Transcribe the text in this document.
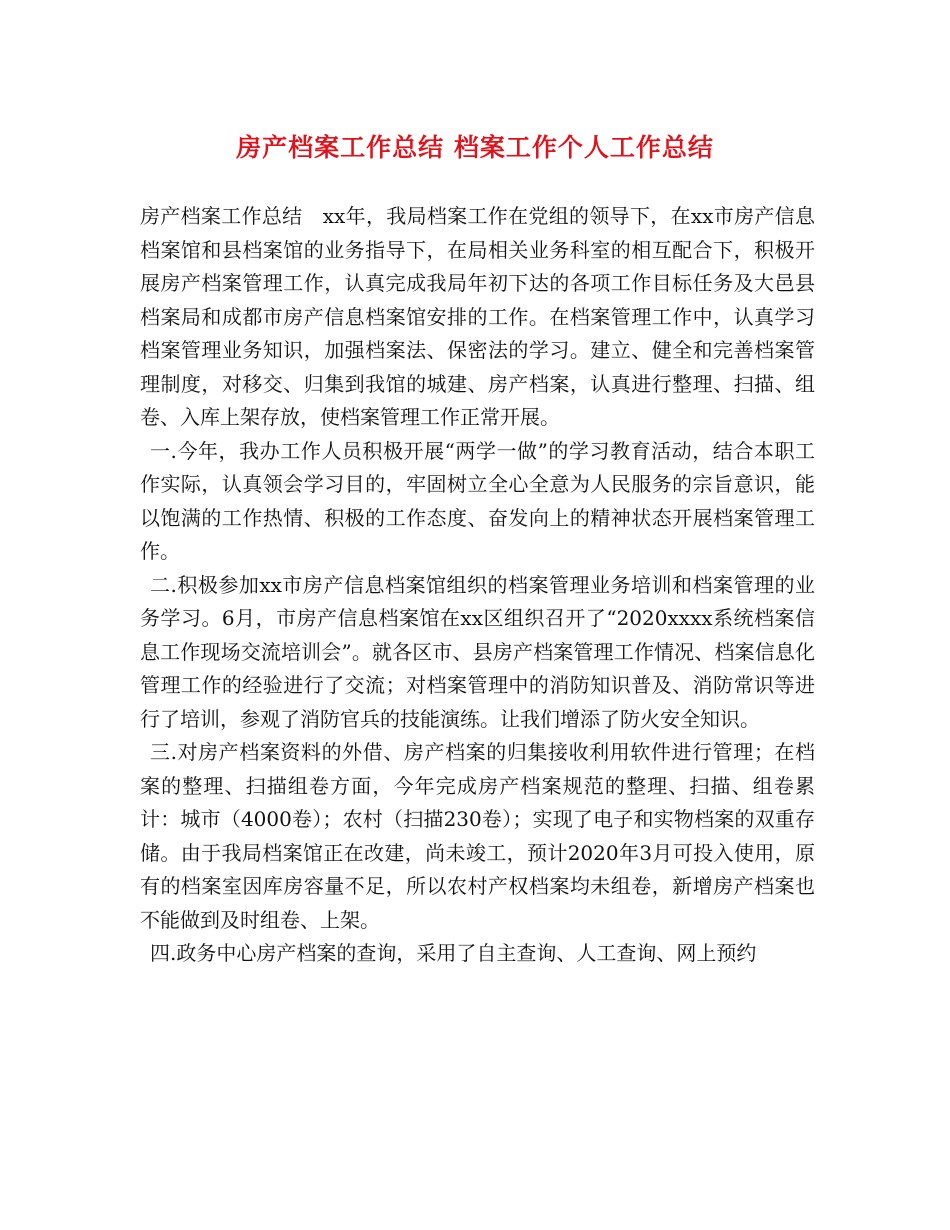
房产档案工作总结 档案工作个人工作总结

房产档案工作总结　xx年，我局档案工作在党组的领导下，在xx市房产信息档案馆和县档案馆的业务指导下，在局相关业务科室的相互配合下，积极开展房产档案管理工作，认真完成我局年初下达的各项工作目标任务及大邑县档案局和成都市房产信息档案馆安排的工作。在档案管理工作中，认真学习档案管理业务知识，加强档案法、保密法的学习。建立、健全和完善档案管理制度，对移交、归集到我馆的城建、房产档案，认真进行整理、扫描、组卷、入库上架存放，使档案管理工作正常开展。

一.今年，我办工作人员积极开展“两学一做”的学习教育活动，结合本职工作实际，认真领会学习目的，牢固树立全心全意为人民服务的宗旨意识，能以饱满的工作热情、积极的工作态度、奋发向上的精神状态开展档案管理工作。

二.积极参加xx市房产信息档案馆组织的档案管理业务培训和档案管理的业务学习。6月，市房产信息档案馆在xx区组织召开了“2020xxxx系统档案信息工作现场交流培训会”。就各区市、县房产档案管理工作情况、档案信息化管理工作的经验进行了交流；对档案管理中的消防知识普及、消防常识等进行了培训，参观了消防官兵的技能演练。让我们增添了防火安全知识。

三.对房产档案资料的外借、房产档案的归集接收利用软件进行管理；在档案的整理、扫描组卷方面，今年完成房产档案规范的整理、扫描、组卷累计：城市（4000卷）；农村（扫描230卷）；实现了电子和实物档案的双重存储。由于我局档案馆正在改建，尚未竣工，预计2020年3月可投入使用，原有的档案室因库房容量不足，所以农村产权档案均未组卷，新增房产档案也不能做到及时组卷、上架。

四.政务中心房产档案的查询，采用了自主查询、人工查询、网上预约
